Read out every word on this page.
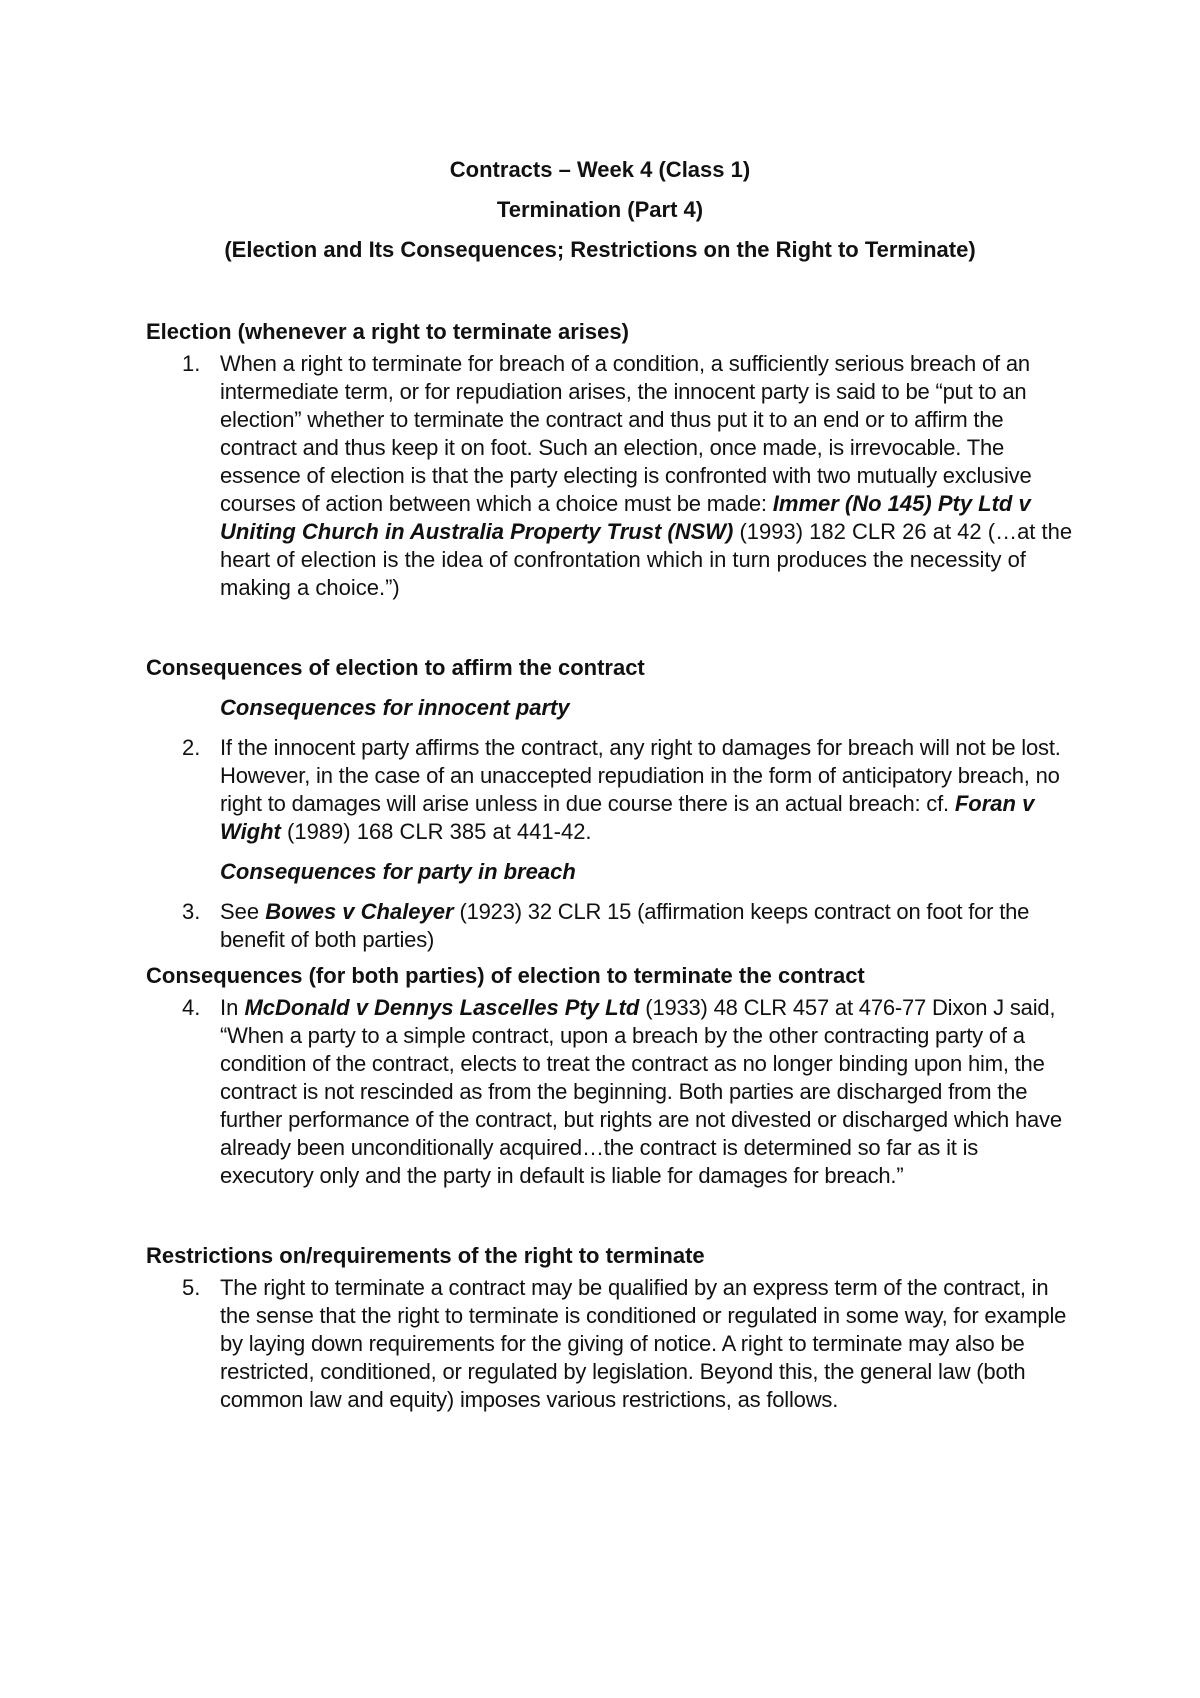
Contracts – Week 4 (Class 1)
Termination (Part 4)
(Election and Its Consequences; Restrictions on the Right to Terminate)
Election (whenever a right to terminate arises)
1. When a right to terminate for breach of a condition, a sufficiently serious breach of an intermediate term, or for repudiation arises, the innocent party is said to be “put to an election” whether to terminate the contract and thus put it to an end or to affirm the contract and thus keep it on foot. Such an election, once made, is irrevocable. The essence of election is that the party electing is confronted with two mutually exclusive courses of action between which a choice must be made: Immer (No 145) Pty Ltd v Uniting Church in Australia Property Trust (NSW) (1993) 182 CLR 26 at 42 (…at the heart of election is the idea of confrontation which in turn produces the necessity of making a choice.”)
Consequences of election to affirm the contract
Consequences for innocent party
2. If the innocent party affirms the contract, any right to damages for breach will not be lost. However, in the case of an unaccepted repudiation in the form of anticipatory breach, no right to damages will arise unless in due course there is an actual breach: cf. Foran v Wight (1989) 168 CLR 385 at 441-42.
Consequences for party in breach
3. See Bowes v Chaleyer (1923) 32 CLR 15 (affirmation keeps contract on foot for the benefit of both parties)
Consequences (for both parties) of election to terminate the contract
4. In McDonald v Dennys Lascelles Pty Ltd (1933) 48 CLR 457 at 476-77 Dixon J said, “When a party to a simple contract, upon a breach by the other contracting party of a condition of the contract, elects to treat the contract as no longer binding upon him, the contract is not rescinded as from the beginning. Both parties are discharged from the further performance of the contract, but rights are not divested or discharged which have already been unconditionally acquired…the contract is determined so far as it is executory only and the party in default is liable for damages for breach.”
Restrictions on/requirements of the right to terminate
5. The right to terminate a contract may be qualified by an express term of the contract, in the sense that the right to terminate is conditioned or regulated in some way, for example by laying down requirements for the giving of notice. A right to terminate may also be restricted, conditioned, or regulated by legislation. Beyond this, the general law (both common law and equity) imposes various restrictions, as follows.
